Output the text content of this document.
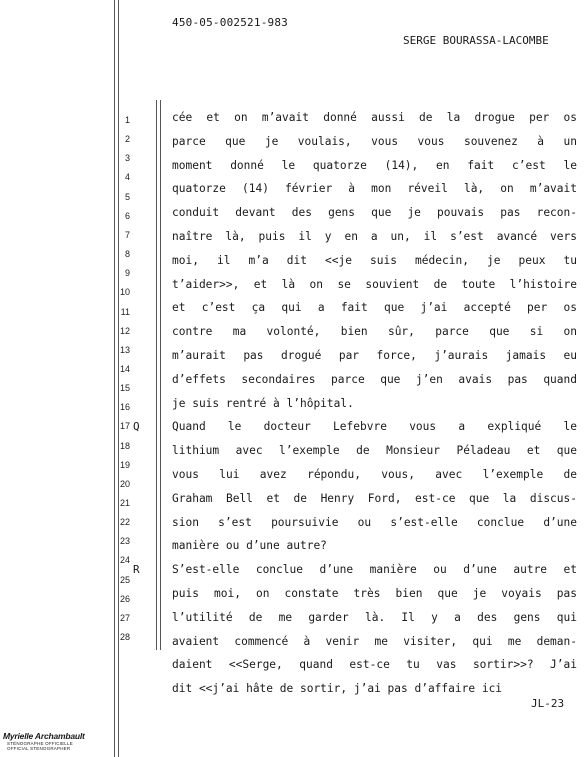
450-05-002521-983
SERGE BOURASSA-LACOMBE
1	cée et on m’avait donné aussi de la drogue per os
2	parce que je voulais, vous vous souvenez à un
3
moment donné le quatorze (14), en fait c’est le
4
quatorze (14) février à mon réveil là, on m’avait
5
conduit devant des gens que je pouvais pas recon-
6
naître là, puis il y en a un, il s’est avancé vers
7
moi, il m’a dit <<je suis médecin, je peux tu
8
t’aider>>, et là on se souvient de toute l’histoire
9
et c’est ça qui a fait que j’ai accepté per os
10
contre ma volonté, bien sûr, parce que si on
11
m’aurait pas drogué par force, j’aurais jamais eu
12
d’effets secondaires parce que j’en avais pas quand
13
je suis rentré à l’hôpital.
14
Quand le docteur Lefebvre vous a expliqué le
Q
15
lithium avec l’exemple de Monsieur Péladeau et que
16
vous lui avez répondu, vous, avec l’exemple de
17
Graham Bell et de Henry Ford, est-ce que la discus-
18
sion s’est poursuivie ou s’est-elle conclue d’une
19
manière ou d’une autre?
20
S’est-elle conclue d’une manière ou d’une autre et
R
21
puis moi, on constate très bien que je voyais pas
22
l’utilité de me garder là. Il y a des gens qui
23
avaient commencé à venir me visiter, qui me deman-
24
daient <<Serge, quand est-ce tu vas sortir>>? J’ai
25
dit <<j’ai hâte de sortir, j’ai pas d’affaire ici
26
27
28
JL-23
Myrielle Archambault
STÉNOGRAPHE OFFICIELLE
OFFICIAL STENOGRAPHER
